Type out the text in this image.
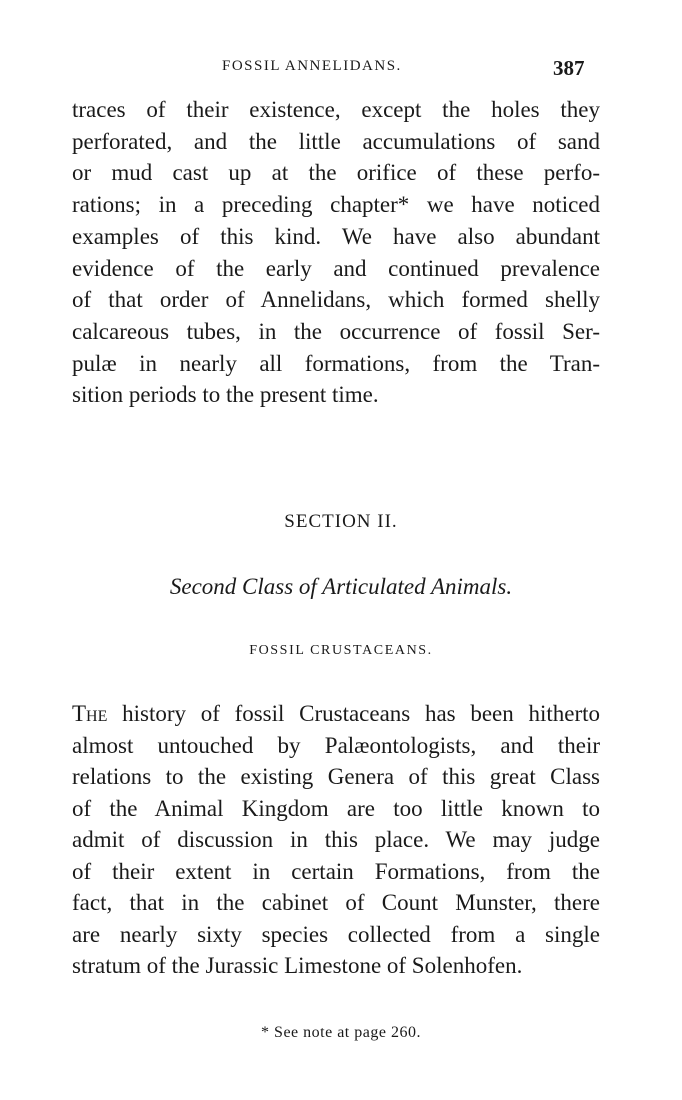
FOSSIL ANNELIDANS.	387

traces of their existence, except the holes they
perforated, and the little accumulations of sand
or mud cast up at the orifice of these perfo-
rations; in a preceding chapter* we have noticed
examples of this kind. We have also abundant
evidence of the early and continued prevalence
of that order of Annelidans, which formed shelly
calcareous tubes, in the occurrence of fossil Ser-
pulæ in nearly all formations, from the Tran-
sition periods to the present time.

SECTION II.
Second Class of Articulated Animals.
FOSSIL CRUSTACEANS.

The history of fossil Crustaceans has been hitherto
almost untouched by Palæontologists, and their
relations to the existing Genera of this great Class
of the Animal Kingdom are too little known to
admit of discussion in this place. We may judge
of their extent in certain Formations, from the
fact, that in the cabinet of Count Munster, there
are nearly sixty species collected from a single
stratum of the Jurassic Limestone of Solenhofen.

* See note at page 260.
